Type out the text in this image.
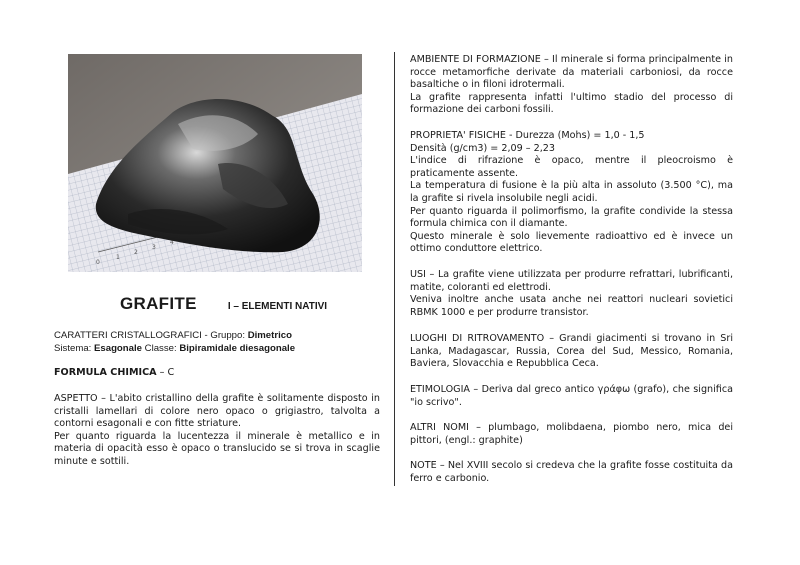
0
1
2
3
4
GRAFITE	I – ELEMENTI NATIVI

CARATTERI CRISTALLOGRAFICI - Gruppo: Dimetrico

Sistema: Esagonale Classe: Bipiramidale diesagonale

FORMULA CHIMICA – C

ASPETTO – L'abito cristallino della grafite è solitamente disposto in cristalli lamellari di colore nero opaco o grigiastro, talvolta a contorni esagonali e con fitte striature.

Per quanto riguarda la lucentezza il minerale è metallico e in materia di opacità esso è opaco o translucido se si trova in scaglie minute e sottili.

AMBIENTE DI FORMAZIONE – Il minerale si forma principalmente in rocce metamorfiche derivate da materiali carboniosi, da rocce basaltiche o in filoni idrotermali.

La grafite rappresenta infatti l'ultimo stadio del processo di formazione dei carboni fossili.

PROPRIETA' FISICHE - Durezza (Mohs) = 1,0 - 1,5

Densità (g/cm3) = 2,09 – 2,23

L'indice di rifrazione è opaco, mentre il pleocroismo è praticamente assente.

La temperatura di fusione è la più alta in assoluto (3.500 °C), ma la grafite si rivela insolubile negli acidi.

Per quanto riguarda il polimorfismo, la grafite condivide la stessa formula chimica con il diamante.

Questo minerale è solo lievemente radioattivo ed è invece un ottimo conduttore elettrico.

USI – La grafite viene utilizzata per produrre refrattari, lubrificanti, matite, coloranti ed elettrodi.

Veniva inoltre anche usata anche nei reattori nucleari sovietici RBMK 1000 e per produrre transistor.

LUOGHI DI RITROVAMENTO – Grandi giacimenti si trovano in Sri Lanka, Madagascar, Russia, Corea del Sud, Messico, Romania, Baviera, Slovacchia e Repubblica Ceca.

ETIMOLOGIA – Deriva dal greco antico γράφω (grafo), che significa "io scrivo".

ALTRI NOMI – plumbago, molibdaena, piombo nero, mica dei pittori, (engl.: graphite)

NOTE – Nel XVIII secolo si credeva che la grafite fosse costituita da ferro e carbonio.
